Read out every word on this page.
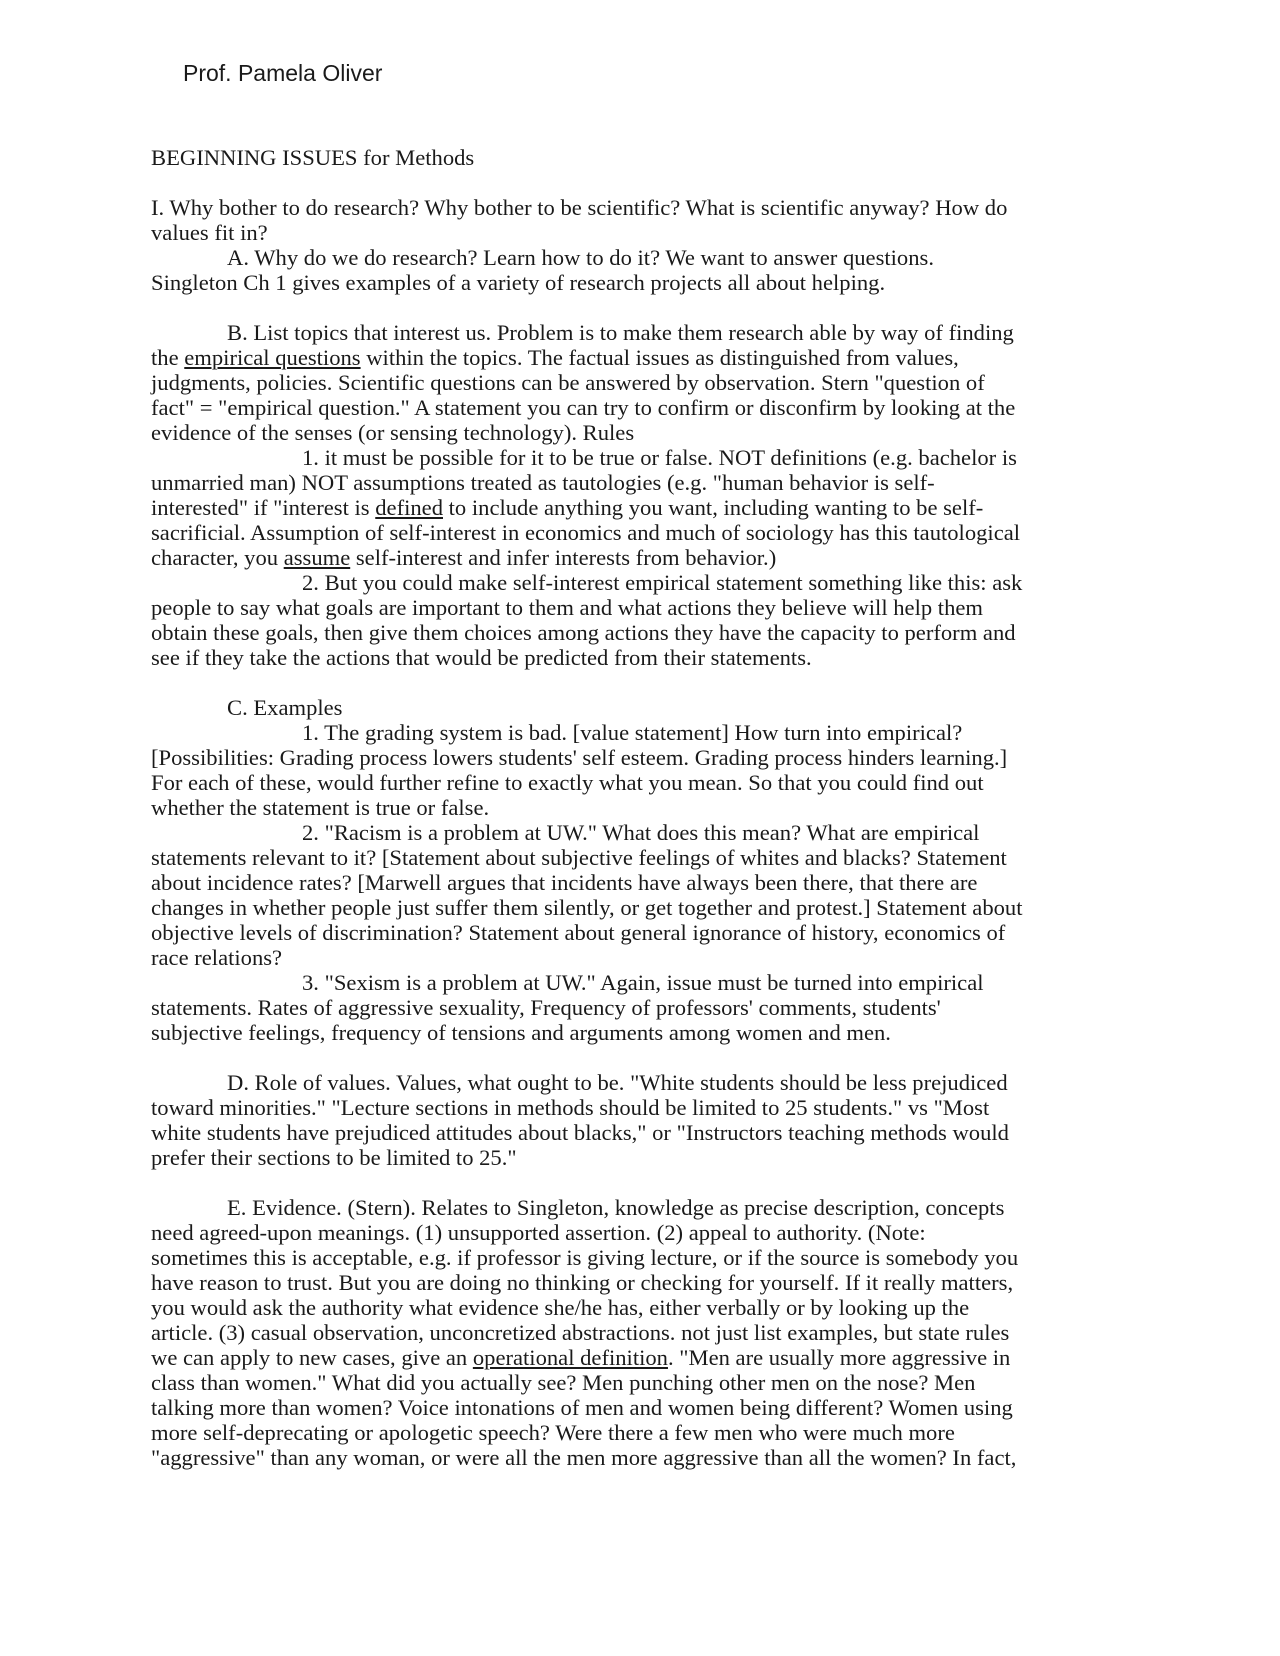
Prof. Pamela Oliver
BEGINNING ISSUES for Methods
I. Why bother to do research? Why bother to be scientific? What is scientific anyway? How do
values fit in?
A. Why do we do research? Learn how to do it? We want to answer questions.
Singleton Ch 1 gives examples of a variety of research projects all about helping.
B. List topics that interest us. Problem is to make them research able by way of finding
the empirical questions within the topics. The factual issues as distinguished from values,
judgments, policies. Scientific questions can be answered by observation. Stern "question of
fact" = "empirical question." A statement you can try to confirm or disconfirm by looking at the
evidence of the senses (or sensing technology). Rules
1. it must be possible for it to be true or false. NOT definitions (e.g. bachelor is
unmarried man) NOT assumptions treated as tautologies (e.g. "human behavior is self-
interested" if "interest is defined to include anything you want, including wanting to be self-
sacrificial. Assumption of self-interest in economics and much of sociology has this tautological
character, you assume self-interest and infer interests from behavior.)
2. But you could make self-interest empirical statement something like this: ask
people to say what goals are important to them and what actions they believe will help them
obtain these goals, then give them choices among actions they have the capacity to perform and
see if they take the actions that would be predicted from their statements.
C. Examples
1. The grading system is bad. [value statement] How turn into empirical?
[Possibilities: Grading process lowers students' self esteem. Grading process hinders learning.]
For each of these, would further refine to exactly what you mean. So that you could find out
whether the statement is true or false.
2. "Racism is a problem at UW." What does this mean? What are empirical
statements relevant to it? [Statement about subjective feelings of whites and blacks? Statement
about incidence rates? [Marwell argues that incidents have always been there, that there are
changes in whether people just suffer them silently, or get together and protest.] Statement about
objective levels of discrimination? Statement about general ignorance of history, economics of
race relations?
3. "Sexism is a problem at UW." Again, issue must be turned into empirical
statements. Rates of aggressive sexuality, Frequency of professors' comments, students'
subjective feelings, frequency of tensions and arguments among women and men.
D. Role of values. Values, what ought to be. "White students should be less prejudiced
toward minorities." "Lecture sections in methods should be limited to 25 students." vs "Most
white students have prejudiced attitudes about blacks," or "Instructors teaching methods would
prefer their sections to be limited to 25."
E. Evidence. (Stern). Relates to Singleton, knowledge as precise description, concepts
need agreed-upon meanings. (1) unsupported assertion. (2) appeal to authority. (Note:
sometimes this is acceptable, e.g. if professor is giving lecture, or if the source is somebody you
have reason to trust. But you are doing no thinking or checking for yourself. If it really matters,
you would ask the authority what evidence she/he has, either verbally or by looking up the
article. (3) casual observation, unconcretized abstractions. not just list examples, but state rules
we can apply to new cases, give an operational definition. "Men are usually more aggressive in
class than women." What did you actually see? Men punching other men on the nose? Men
talking more than women? Voice intonations of men and women being different? Women using
more self-deprecating or apologetic speech? Were there a few men who were much more
"aggressive" than any woman, or were all the men more aggressive than all the women? In fact,
